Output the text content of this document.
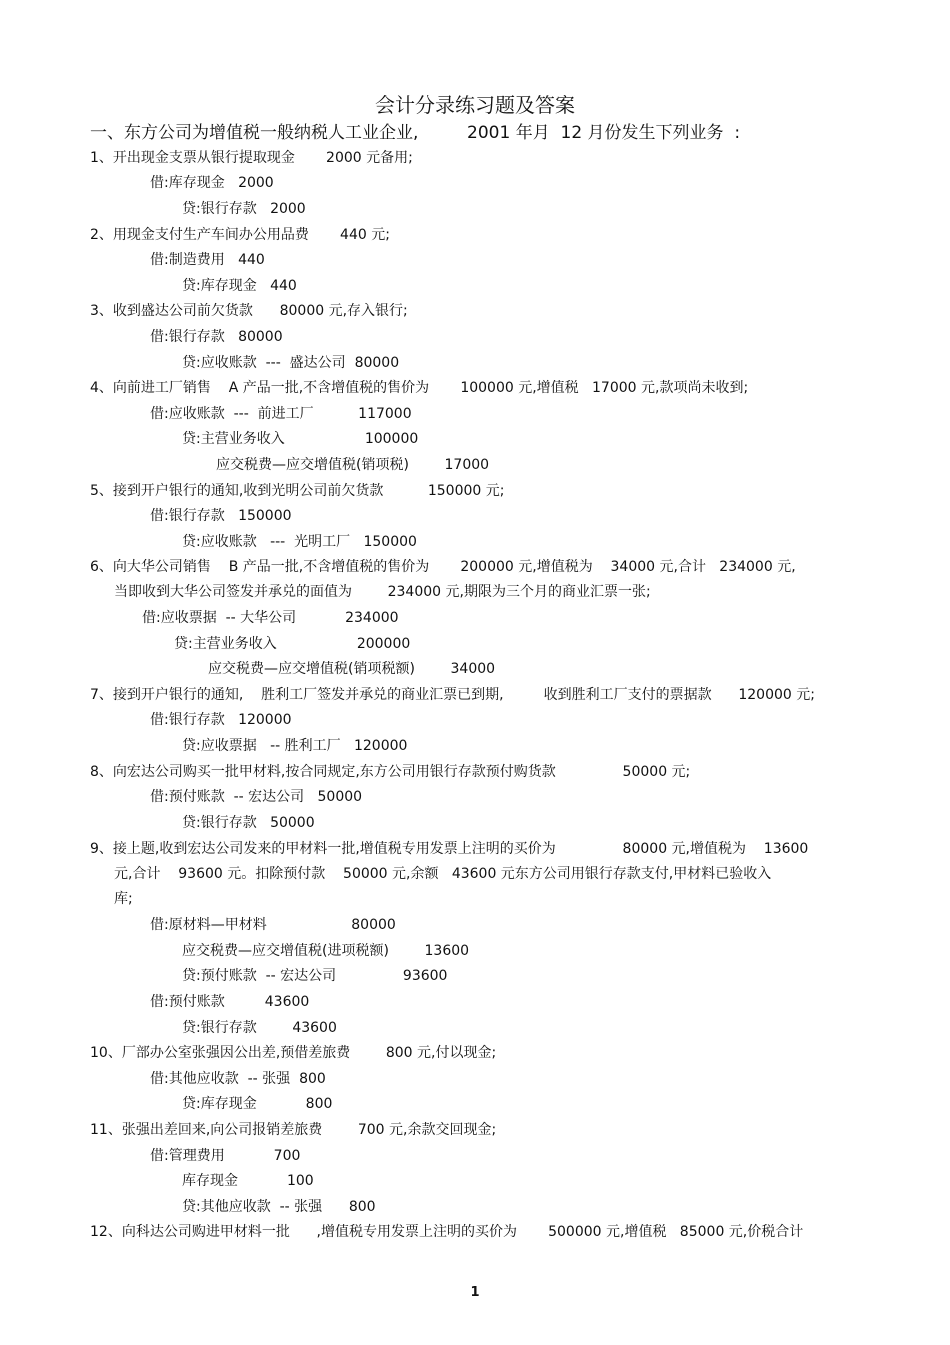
会计分录练习题及答案
一、东方公司为增值税一般纳税人工业企业,         2001 年月  12 月份发生下列业务  :
1、开出现金支票从银行提取现金       2000 元备用;
借:库存现金   2000
贷:银行存款   2000
2、用现金支付生产车间办公用品费       440 元;
借:制造费用   440
贷:库存现金   440
3、收到盛达公司前欠货款      80000 元,存入银行;
借:银行存款   80000
贷:应收账款  ---  盛达公司  80000
4、向前进工厂销售    A 产品一批,不含增值税的售价为       100000 元,增值税   17000 元,款项尚未收到;
借:应收账款  ---  前进工厂          117000
贷:主营业务收入                  100000
应交税费—应交增值税(销项税)        17000
5、接到开户银行的通知,收到光明公司前欠货款          150000 元;
借:银行存款   150000
贷:应收账款   ---  光明工厂   150000
6、向大华公司销售    B 产品一批,不含增值税的售价为       200000 元,增值税为    34000 元,合计   234000 元,
当即收到大华公司签发并承兑的面值为        234000 元,期限为三个月的商业汇票一张;
借:应收票据  -- 大华公司           234000
贷:主营业务收入                  200000
应交税费—应交增值税(销项税额)        34000
7、接到开户银行的通知,    胜利工厂签发并承兑的商业汇票已到期,         收到胜利工厂支付的票据款      120000 元;
借:银行存款   120000
贷:应收票据   -- 胜利工厂   120000
8、向宏达公司购买一批甲材料,按合同规定,东方公司用银行存款预付购货款               50000 元;
借:预付账款  -- 宏达公司   50000
贷:银行存款   50000
9、接上题,收到宏达公司发来的甲材料一批,增值税专用发票上注明的买价为               80000 元,增值税为    13600
元,合计    93600 元。扣除预付款    50000 元,余额   43600 元东方公司用银行存款支付,甲材料已验收入
库;
借:原材料—甲材料                   80000
应交税费—应交增值税(进项税额)        13600
贷:预付账款  -- 宏达公司               93600
借:预付账款         43600
贷:银行存款        43600
10、厂部办公室张强因公出差,预借差旅费        800 元,付以现金;
借:其他应收款  -- 张强  800
贷:库存现金           800
11、张强出差回来,向公司报销差旅费        700 元,余款交回现金;
借:管理费用           700
库存现金           100
贷:其他应收款  -- 张强      800
12、向科达公司购进甲材料一批      ,增值税专用发票上注明的买价为       500000 元,增值税   85000 元,价税合计
1
